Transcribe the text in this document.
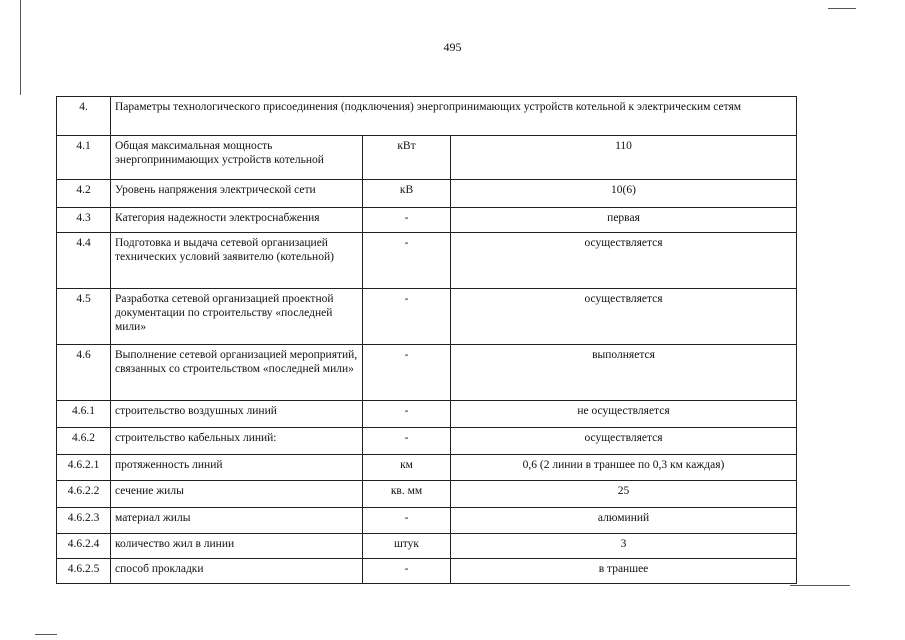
495
4.	Параметры технологического присоединения (подключения) энергопринимающих устройств котельной к электрическим сетям		
4.1	Общая максимальная мощность энергопринимающих устройств котельной	кВт	110
4.2	Уровень напряжения электрической сети	кВ	10(6)
4.3	Категория надежности электроснабжения	-	первая
4.4	Подготовка и выдача сетевой организацией технических условий заявителю (котельной)	-	осуществляется
4.5	Разработка сетевой организацией проектной документации по строительству «последней мили»	-	осуществляется
4.6	Выполнение сетевой организацией мероприятий, связанных со строительством «последней мили»	-	выполняется
4.6.1	строительство воздушных линий	-	не осуществляется
4.6.2	строительство кабельных линий:	-	осуществляется
4.6.2.1	протяженность линий	км	0,6 (2 линии в траншее по 0,3 км каждая)
4.6.2.2	сечение жилы	кв. мм	25
4.6.2.3	материал жилы	-	алюминий
4.6.2.4	количество жил в линии	штук	3
4.6.2.5	способ прокладки	-	в траншее
